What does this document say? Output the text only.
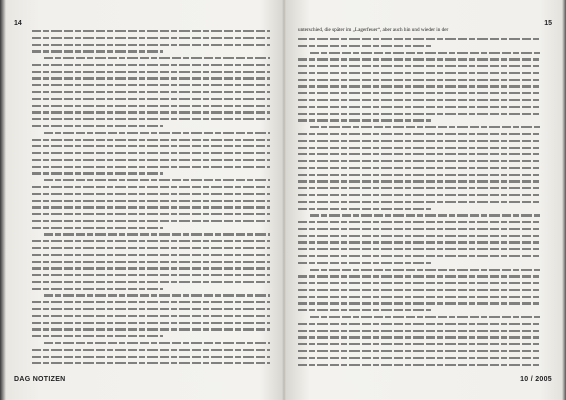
14
DAG NOTIZEN
15
unterschied, die später im „Lagerfeuer“, aber auch hin und wieder in der
10 / 2005
